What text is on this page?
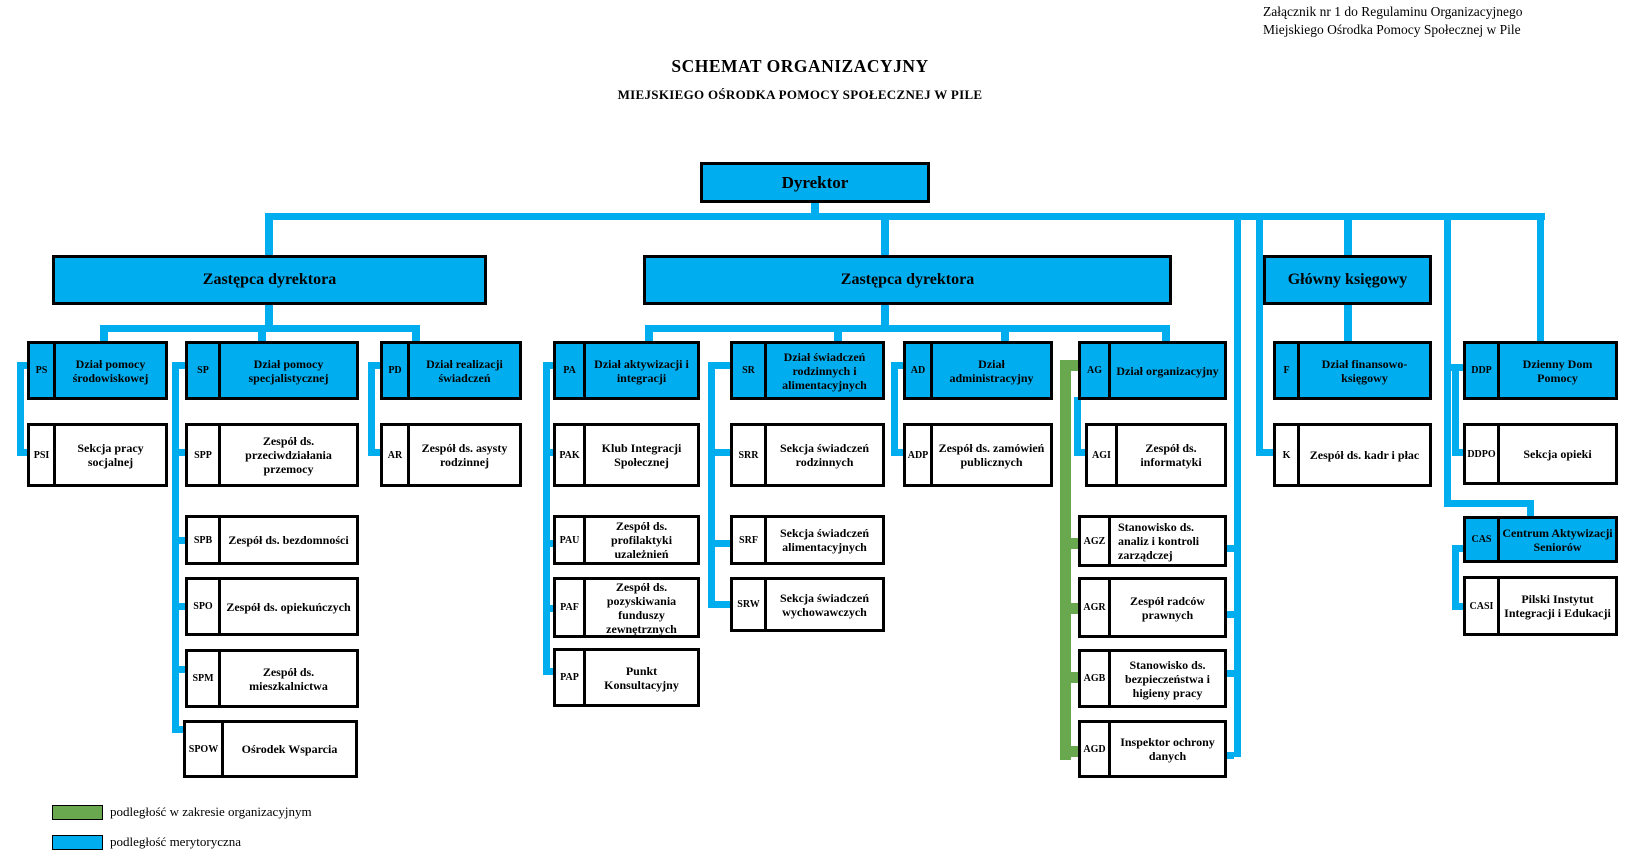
Załącznik nr 1 do Regulaminu Organizacyjnego
Miejskiego Ośrodka Pomocy Społecznej w Pile
SCHEMAT ORGANIZACYJNY
MIEJSKIEGO OŚRODKA POMOCY SPOŁECZNEJ W PILE
Dyrektor
Zastępca dyrektora	Zastępca dyrektora	Główny księgowy
podległość w zakresie organizacyjnym
podległość merytoryczna
PS	Dział pomocy środowiskowej
PSI	Sekcja pracy socjalnej
SP	Dział pomocy specjalistycznej
SPP
Zespół ds. przeciwdziałania przemocy
SPB	Zespół ds. bezdomności
SPO	Zespół ds. opiekuńczych
SPM	Zespół ds. mieszkalnictwa
SPOW	Ośrodek Wsparcia
PD	Dział realizacji świadczeń
AR	Zespół ds. asysty rodzinnej
PA	Dział aktywizacji i integracji
PAK	Klub Integracji Społecznej
PAU
Zespół ds. profilaktyki uzależnień
PAF
Zespół ds. pozyskiwania funduszy zewnętrznych
PAP	Punkt Konsultacyjny
SR
Dział świadczeń rodzinnych i alimentacyjnych
SRR	Sekcja świadczeń rodzinnych
SRF	Sekcja świadczeń alimentacyjnych
SRW	Sekcja świadczeń wychowawczych
AD	Dział administracyjny
ADP Zespół ds. zamówień publicznych
AG	Dział organizacyjny
AGI	Zespół ds. informatyki
AGZ
Stanowisko ds. analiz i kontroli zarządczej
AGR	Zespół radców prawnych
AGB
Stanowisko ds. bezpieczeństwa i higieny pracy
AGD	Inspektor ochrony danych
F	Dział finansowo-księgowy
K	Zespół ds. kadr i płac
DDP	Dzienny Dom Pomocy
DDPO	Sekcja opieki
CAS Centrum Aktywizacji Seniorów
CASI	Pilski Instytut Integracji i Edukacji
